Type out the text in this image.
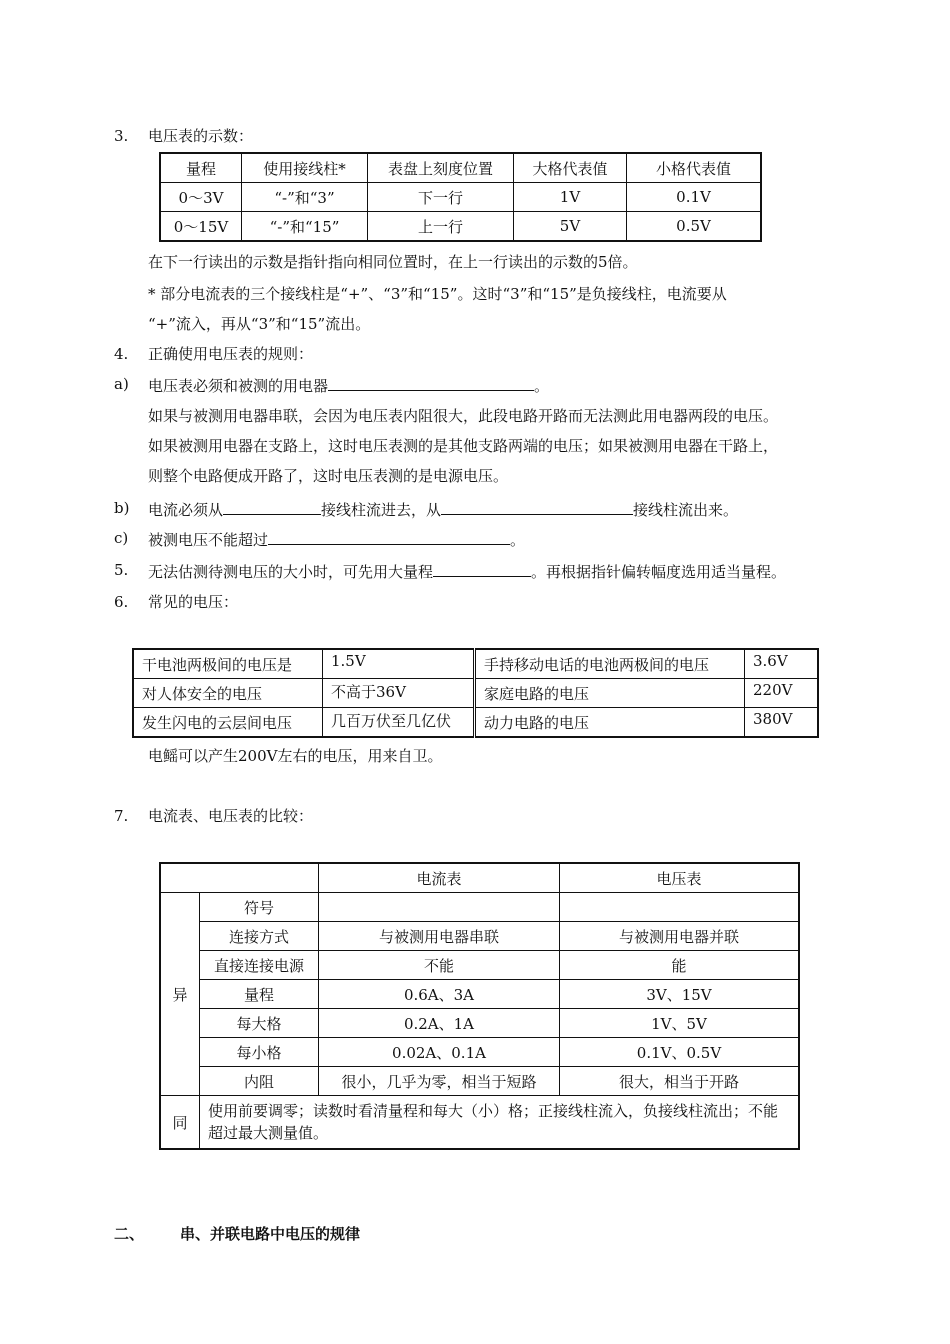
3. 电压表的示数：
量程	使用接线柱*	表盘上刻度位置	大格代表值	小格代表值
0～3V	“-”和“3”	下一行	1V	0.1V
0～15V	“-”和“15”	上一行	5V	0.5V
在下一行读出的示数是指针指向相同位置时，在上一行读出的示数的5倍。
* 部分电流表的三个接线柱是“+”、“3”和“15”。这时“3”和“15”是负接线柱，电流要从
“+”流入，再从“3”和“15”流出。
4. 正确使用电压表的规则：
a) 电压表必须和被测的用电器	。
如果与被测用电器串联，会因为电压表内阻很大，此段电路开路而无法测此用电器两段的电压。
如果被测用电器在支路上，这时电压表测的是其他支路两端的电压；如果被测用电器在干路上，
则整个电路便成开路了，这时电压表测的是电源电压。
b) 电流必须从	接线柱流进去，从	接线柱流出来。
c) 被测电压不能超过	。
5. 无法估测待测电压的大小时，可先用大量程	。再根据指针偏转幅度选用适当量程。
6. 常见的电压：
干电池两极间的电压是	1.5V	手持移动电话的电池两极间的电压	3.6V
对人体安全的电压	不高于36V	家庭电路的电压	220V
发生闪电的云层间电压	几百万伏至几亿伏	动力电路的电压	380V
电鳐可以产生200V左右的电压，用来自卫。
7. 电流表、电压表的比较：
		电流表	电压表
异	符号		
	连接方式	与被测用电器串联	与被测用电器并联
	直接连接电源	不能	能
	量程	0.6A、3A	3V、15V
	每大格	0.2A、1A	1V、5V
	每小格	0.02A、0.1A	0.1V、0.5V
	内阻	很小，几乎为零，相当于短路	很大，相当于开路
同	使用前要调零；读数时看清量程和每大（小）格；正接线柱流入，负接线柱流出；不能超过最大测量值。		
二、 串、并联电路中电压的规律
